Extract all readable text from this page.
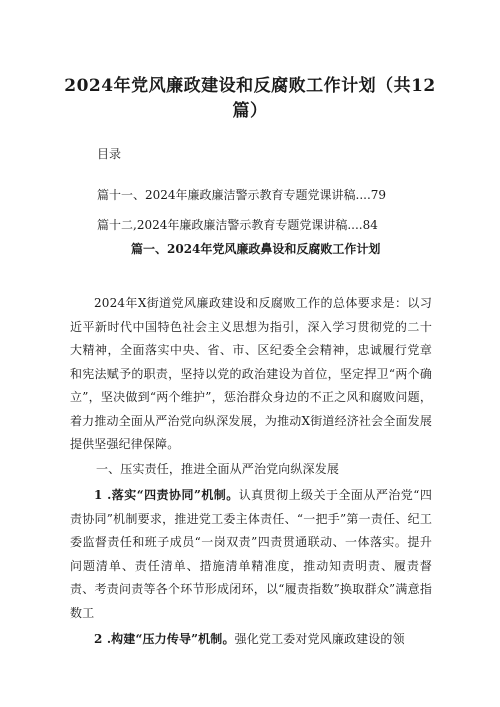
2024年党风廉政建设和反腐败工作计划（共12篇）
目录
篇十一、2024年廉政廉洁警示教育专题党课讲稿....79
篇十二,2024年廉政廉洁警示教育专题党课讲稿....84
篇一、2024年党风廉政鼻设和反腐败工作计划
2024年X街道党风廉政建设和反腐败工作的总体要求是：以习近平新时代中国特色社会主义思想为指引，深入学习贯彻党的二十大精神，全面落实中央、省、市、区纪委全会精神，忠诚履行党章和宪法赋予的职责，坚持以党的政治建设为首位，坚定捍卫“两个确立”，坚决做到“两个维护”，惩治群众身边的不正之风和腐败问题，着力推动全面从严治党向纵深发展，为推动X街道经济社会全面发展提供坚强纪律保障。
一、压实责任，推进全面从严治党向纵深发展
1 .落实“四责协同”机制。认真贯彻上级关于全面从严治党“四责协同”机制要求，推进党工委主体责任、“一把手”第一责任、纪工委监督责任和班子成员“一岗双责”四责贯通联动、一体落实。提升问题清单、责任清单、措施清单精准度，推动知责明责、履责督责、考责问责等各个环节形成闭环，以“履责指数”换取群众”满意指数工
2 .构建“压力传导”机制。强化党工委对党风廉政建设的领
